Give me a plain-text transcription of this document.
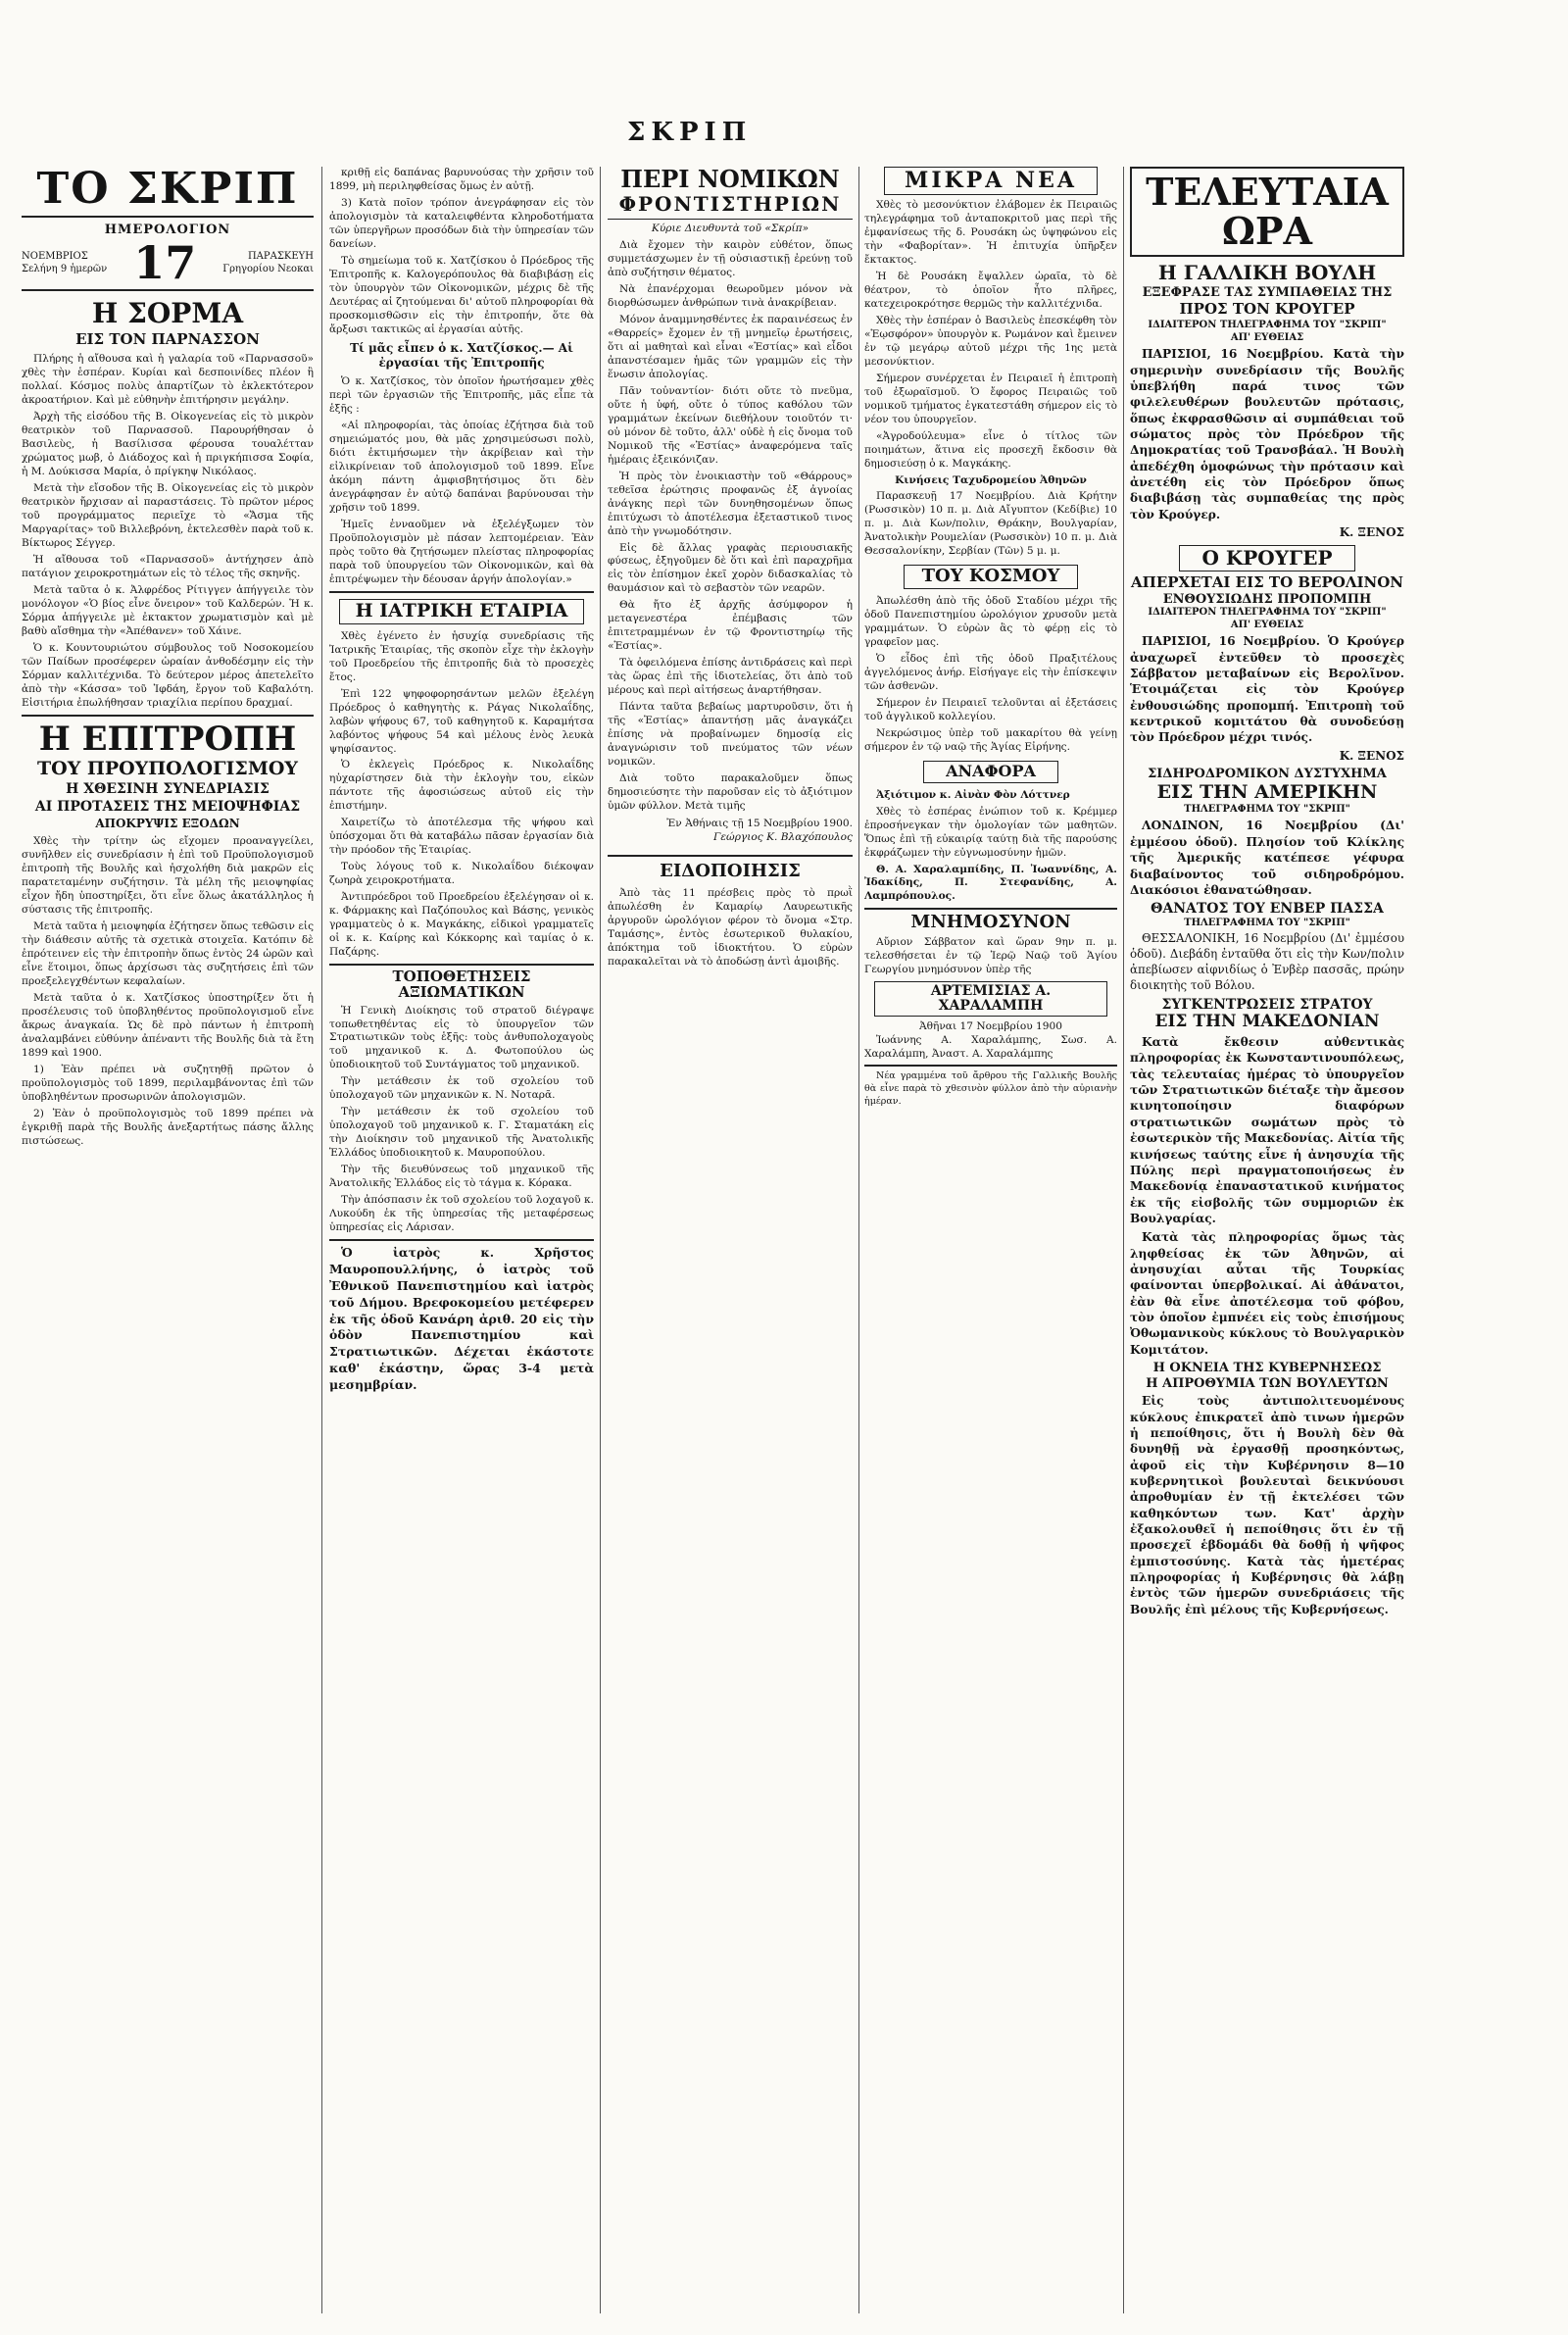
ΣΚΡΙΠ
ΤΟ ΣΚΡΙΠ
ΗΜΕΡΟΛΟΓΙΟΝ
ΝΟΕΜΒΡΙΟΣ
Σελήνη 9 ἡμερῶν 17	ΠΑΡΑΣΚΕΥΗ
Γρηγορίου Νεοκαι
Η ΣΟΡΜΑ
ΕΙΣ ΤΟΝ ΠΑΡΝΑΣΣΟΝ

Πλήρης ἡ αἴθουσα καὶ ἡ γαλαρία τοῦ «Παρνασσοῦ» χθὲς τὴν ἑσπέραν. Κυρίαι καὶ δεσποινίδες πλέον ἢ πολλαί. Κόσμος πολὺς ἀπαρτίζων τὸ ἐκλεκτότερον ἀκροατήριον. Καὶ μὲ εὐθηνὴν ἐπιτήρησιν μεγάλην.

Ἀρχὴ τῆς εἰσόδου τῆς Β. Οἰκογενείας εἰς τὸ μικρὸν θεατρικὸν τοῦ Παρνασσοῦ. Παρουρήθησαν ὁ Βασιλεὺς, ἡ Βασίλισσα φέρουσα τουαλέτταν χρώματος μωβ, ὁ Διάδοχος καὶ ἡ πριγκήπισσα Σοφία, ἡ Μ. Δούκισσα Μαρία, ὁ πρίγκηψ Νικόλαος.

Μετὰ τὴν εἴσοδον τῆς Β. Οἰκογενείας εἰς τὸ μικρὸν θεατρικὸν ἤρχισαν αἱ παραστάσεις. Τὸ πρῶτον μέρος τοῦ προγράμματος περιεῖχε τὸ «Ἄσμα τῆς Μαργαρίτας» τοῦ Βιλλεβρόνη, ἐκτελεσθὲν παρὰ τοῦ κ. Βίκτωρος Σέγγερ.

Ἡ αἴθουσα τοῦ «Παρνασσοῦ» ἀντήχησεν ἀπὸ πατάγιον χειροκροτημάτων εἰς τὸ τέλος τῆς σκηνῆς.

Μετὰ ταῦτα ὁ κ. Ἀλφρέδος Ρίτιγγεν ἀπήγγειλε τὸν μονόλογον «Ὁ βίος εἶνε ὄνειρον» τοῦ Καλδερών. Ἡ κ. Σόρμα ἀπήγγειλε μὲ ἐκτακτον χρωματισμὸν καὶ μὲ βαθὺ αἴσθημα τὴν «Ἀπέθανεν» τοῦ Χάινε.

Ὁ κ. Κουντουριώτου σύμβουλος τοῦ Νοσοκομείου τῶν Παίδων προσέφερεν ὡραίαν ἀνθοδέσμην εἰς τὴν Σόρμαν καλλιτέχνιδα. Τὸ δεύτερον μέρος ἀπετελεῖτο ἀπὸ τὴν «Κάσσα» τοῦ Ἰφδάη, ἔργον τοῦ Καβαλότη. Εἰσιτήρια ἐπωλήθησαν τριαχίλια περίπου δραχμαί.

Η ΕΠΙΤΡΟΠΗ
ΤΟΥ ΠΡΟΥΠΟΛΟΓΙΣΜΟΥ
Η ΧΘΕΣΙΝΗ ΣΥΝΕΔΡΙΑΣΙΣ
ΑΙ ΠΡΟΤΑΣΕΙΣ ΤΗΣ ΜΕΙΟΨΗΦΙΑΣ
ΑΠΟΚΡΥΨΙΣ ΕΞΟΔΩΝ

Χθὲς τὴν τρίτην ὡς εἴχομεν προαναγγείλει, συνῆλθεν εἰς συνεδρίασιν ἡ ἐπὶ τοῦ Προϋπολογισμοῦ ἐπιτροπὴ τῆς Βουλῆς καὶ ἠσχολήθη διὰ μακρῶν εἰς παρατεταμένην συζήτησιν. Τὰ μέλη τῆς μειοψηφίας εἶχον ἤδη ὑποστηρίξει, ὅτι εἶνε ὅλως ἀκατάλληλος ἡ σύστασις τῆς ἐπιτροπῆς.

Μετὰ ταῦτα ἡ μειοψηφία ἐζήτησεν ὅπως τεθῶσιν εἰς τὴν διάθεσιν αὐτῆς τὰ σχετικὰ στοιχεῖα. Κατόπιν δὲ ἐπρότεινεν εἰς τὴν ἐπιτροπὴν ὅπως ἐντὸς 24 ὡρῶν καὶ εἶνε ἕτοιμοι, ὅπως ἀρχίσωσι τὰς συζητήσεις ἐπὶ τῶν προεξελεγχθέντων κεφαλαίων.

Μετὰ ταῦτα ὁ κ. Χατζίσκος ὑποστηρίξεν ὅτι ἡ προσέλευσις τοῦ ὑποβληθέντος προϋπολογισμοῦ εἶνε ἄκρως ἀναγκαία. Ὡς δὲ πρὸ πάντων ἡ ἐπιτροπὴ ἀναλαμβάνει εὐθύνην ἀπέναντι τῆς Βουλῆς διὰ τὰ ἔτη 1899 καὶ 1900.

1) Ἐὰν πρέπει νὰ συζητηθῇ πρῶτον ὁ προϋπολογισμὸς τοῦ 1899, περιλαμβάνοντας ἐπὶ τῶν ὑποβληθέντων προσωρινῶν ἀπολογισμῶν.

2) Ἐὰν ὁ προϋπολογισμὸς τοῦ 1899 πρέπει νὰ ἐγκριθῇ παρὰ τῆς Βουλῆς ἀνεξαρτήτως πάσης ἄλλης πιστώσεως.

κριθῇ εἰς δαπάνας βαρυνούσας τὴν χρῆσιν τοῦ 1899, μὴ περιληφθείσας ὅμως ἐν αὐτῇ.

3) Κατὰ ποῖον τρόπον ἀνεγράφησαν εἰς τὸν ἀπολογισμὸν τὰ καταλειφθέντα κληροδοτήματα τῶν ὑπεργῆρων προσόδων διὰ τὴν ὑπηρεσίαν τῶν δανείων.

Τὸ σημείωμα τοῦ κ. Χατζίσκου ὁ Πρόεδρος τῆς Ἐπιτροπῆς κ. Καλογερόπουλος θὰ διαβιβάσῃ εἰς τὸν ὑπουργὸν τῶν Οἰκονομικῶν, μέχρις δὲ τῆς Δευτέρας αἱ ζητούμεναι δι' αὐτοῦ πληροφορίαι θὰ προσκομισθῶσιν εἰς τὴν ἐπιτροπήν, ὅτε θὰ ἄρξωσι τακτικῶς αἱ ἐργασίαι αὐτῆς.

Τί μᾶς εἶπεν ὁ κ. Χατζίσκος.— Αἱ ἐργασίαι τῆς Ἐπιτροπῆς

Ὁ κ. Χατζίσκος, τὸν ὁποῖον ἠρωτήσαμεν χθὲς περὶ τῶν ἐργασιῶν τῆς Ἐπιτροπῆς, μᾶς εἶπε τὰ ἑξῆς :

«Αἱ πληροφορίαι, τὰς ὁποίας ἐζήτησα διὰ τοῦ σημειώματός μου, θὰ μᾶς χρησιμεύσωσι πολὺ, διότι ἐκτιμήσωμεν τὴν ἀκρίβειαν καὶ τὴν εἰλικρίνειαν τοῦ ἀπολογισμοῦ τοῦ 1899. Εἶνε ἀκόμη πάντη ἀμφισβητήσιμος ὅτι δὲν ἀνεγράφησαν ἐν αὐτῷ δαπάναι βαρύνουσαι τὴν χρῆσιν τοῦ 1899.

Ἡμεῖς ἐνναοῦμεν νὰ ἐξελέγξωμεν τὸν Προϋπολογισμὸν μὲ πάσαν λεπτομέρειαν. Ἐὰν πρὸς τοῦτο θὰ ζητήσωμεν πλείστας πληροφορίας παρὰ τοῦ ὑπουργείου τῶν Οἰκονομικῶν, καὶ θὰ ἐπιτρέψωμεν τὴν δέουσαν ἀργήν ἀπολογίαν.»

Η ΙΑΤΡΙΚΗ ΕΤΑΙΡΙΑ

Χθὲς ἐγένετο ἐν ἡσυχίᾳ συνεδρίασις τῆς Ἰατρικῆς Ἑταιρίας, τῆς σκοπὸν εἶχε τὴν ἐκλογὴν τοῦ Προεδρείου τῆς ἐπιτροπῆς διὰ τὸ προσεχὲς ἔτος.

Ἐπὶ 122 ψηφοφορησάντων μελῶν ἐξελέγη Πρόεδρος ὁ καθηγητὴς κ. Ράγας Νικολαΐδης, λαβὼν ψήφους 67, τοῦ καθηγητοῦ κ. Καραμήτσα λαβόντος ψήφους 54 καὶ μέλους ἐνὸς λευκὰ ψηφίσαντος.

Ὁ ἐκλεγεὶς Πρόεδρος κ. Νικολαΐδης ηὐχαρίστησεν διὰ τὴν ἐκλογὴν του, εἰκὼν πάντοτε τῆς ἀφοσιώσεως αὐτοῦ εἰς τὴν ἐπιστήμην.

Χαιρετίζω τὸ ἀποτέλεσμα τῆς ψήφου καὶ ὑπόσχομαι ὅτι θὰ καταβάλω πᾶσαν ἐργασίαν διὰ τὴν πρόοδον τῆς Ἑταιρίας.

Τοὺς λόγους τοῦ κ. Νικολαΐδου διέκοψαν ζωηρὰ χειροκροτήματα.

Ἀντιπρόεδροι τοῦ Προεδρείου ἐξελέγησαν οἱ κ. κ. Φάρμακης καὶ Παζόπουλος καὶ Βάσης, γενικὸς γραμματεὺς ὁ κ. Μαγκάκης, εἰδικοὶ γραμματεῖς οἱ κ. κ. Καίρης καὶ Κόκκορης καὶ ταμίας ὁ κ. Παζάρης.

ΤΟΠΟΘΕΤΗΣΕΙΣ ΑΞΙΩΜΑΤΙΚΩΝ

Ἡ Γενικὴ Διοίκησις τοῦ στρατοῦ διέγραψε τοπωθετηθέντας εἰς τὸ ὑπουργεῖον τῶν Στρατιωτικῶν τοὺς ἑξῆς: τοὺς ἀνθυπολοχαγοὺς τοῦ μηχανικοῦ κ. Δ. Φωτοπούλου ὡς ὑποδιοικητοῦ τοῦ Συντάγματος τοῦ μηχανικοῦ.

Τὴν μετάθεσιν ἐκ τοῦ σχολείου τοῦ ὑπολοχαγοῦ τῶν μηχανικῶν κ. Ν. Νοταρᾶ.

Τὴν μετάθεσιν ἐκ τοῦ σχολείου τοῦ ὑπολοχαγοῦ τοῦ μηχανικοῦ κ. Γ. Σταματάκη εἰς τὴν Διοίκησιν τοῦ μηχανικοῦ τῆς Ἀνατολικῆς Ἑλλάδος ὑποδιοικητοῦ κ. Μαυροπούλου.

Τὴν τῆς διευθύνσεως τοῦ μηχανικοῦ τῆς Ἀνατολικῆς Ἑλλάδος εἰς τὸ τάγμα κ. Κόρακα.

Τὴν ἀπόσπασιν ἐκ τοῦ σχολείου τοῦ λοχαγοῦ κ. Λυκούδη ἐκ τῆς ὑπηρεσίας τῆς μεταφέρσεως ὑπηρεσίας εἰς Λάρισαν.

Ὁ ἰατρὸς κ. Χρῆστος Μαυροπουλλήνης, ὁ ἰατρὸς τοῦ Ἐθνικοῦ Πανεπιστημίου καὶ ἰατρὸς τοῦ Δήμου. Βρεφοκομείου μετέφερεν ἐκ τῆς ὁδοῦ Κανάρη ἀριθ. 20 εἰς τὴν ὁδὸν Πανεπιστημίου καὶ Στρατιωτικῶν. Δέχεται ἑκάστοτε καθ' ἑκάστην, ὥρας 3-4 μετὰ μεσημβρίαν.

ΠΕΡΙ ΝΟΜΙΚΩΝ
ΦΡΟΝΤΙΣΤΗΡΙΩΝ
Κύριε Διευθυντὰ τοῦ «Σκρίπ»

Διὰ ἔχομεν τὴν καιρὸν εὐθέτον, ὅπως συμμετάσχωμεν ἐν τῇ οὐσιαστικῇ ἐρεύνῃ τοῦ ἀπὸ συζήτησιν θέματος.

Νὰ ἐπανέρχομαι θεωροῦμεν μόνον νὰ διορθώσωμεν ἀνθρώπων τινὰ ἀνακρίβειαν.

Μόνον ἀναμμνησθέντες ἐκ παραινέσεως ἐν «Θαρρείς» ἔχομεν ἐν τῇ μνημεῖῳ ἐρωτήσεις, ὅτι αἱ μαθηταὶ καὶ εἶναι «Ἑστίας» καὶ εἶδοι ἀπανστέσαμεν ἡμᾶς τῶν γραμμῶν εἰς τὴν ἕνωσιν ἀπολογίας.

Πᾶν τοὐναντίον· διότι οὔτε τὸ πνεῦμα, οὔτε ἡ ὑφή, οὔτε ὁ τύπος καθόλου τῶν γραμμάτων ἐκείνων διεθήλουν τοιοῦτόν τι· οὐ μόνον δὲ τοῦτο, ἀλλ' οὐδὲ ἡ εἰς ὄνομα τοῦ Νομικοῦ τῆς «Ἑστίας» ἀναφερόμενα ταῖς ἡμέραις ἐξεικόνιζαν.

Ἡ πρὸς τὸν ἐνοικιαστὴν τοῦ «Θάρρους» τεθεῖσα ἐρώτησις προφανῶς ἐξ ἀγνοίας ἀνάγκης περὶ τῶν δυνηθησομένων ὅπως ἐπιτύχωσι τὸ ἀποτέλεσμα ἐξεταστικοῦ τινος ἀπὸ τὴν γνωμοδότησιν.

Εἰς δὲ ἄλλας γραφὰς περιουσιακῆς φύσεως, ἐξηγοῦμεν δὲ ὅτι καὶ ἐπὶ παραχρῆμα εἰς τὸν ἐπίσημον ἐκεῖ χορὸν διδασκαλίας τὸ θαυμάσιον καὶ τὸ σεβαστὸν τῶν νεαρῶν.

Θὰ ἤτο ἐξ ἀρχῆς ἀσύμφορον ἡ μεταγενεστέρα ἐπέμβασις τῶν ἐπιτετραμμένων ἐν τῷ Φροντιστηρίῳ τῆς «Ἑστίας».

Τὰ ὀφειλόμενα ἐπίσης ἀντιδράσεις καὶ περὶ τὰς ὥρας ἐπὶ τῆς ἰδιοτελείας, ὅτι ἀπὸ τοῦ μέρους καὶ περὶ αἰτήσεως ἀναρτήθησαν.

Πάντα ταῦτα βεβαίως μαρτυροῦσιν, ὅτι ἡ τῆς «Ἑστίας» ἀπαντήσῃ μᾶς ἀναγκάζει ἐπίσης νὰ προβαίνωμεν δημοσίᾳ εἰς ἀναγνώρισιν τοῦ πνεύματος τῶν νέων νομικῶν.

Διὰ τοῦτο παρακαλοῦμεν ὅπως δημοσιεύσητε τὴν παροῦσαν εἰς τὸ ἀξιότιμον ὑμῶν φύλλον. Μετὰ τιμῆς

Ἐν Ἀθήναις τῇ 15 Νοεμβρίου 1900.
Γεώργιος Κ. Βλαχόπουλος
ΕΙΔΟΠΟΙΗΣΙΣ

Ἀπὸ τὰς 11 πρέσβεις πρὸς τὸ πρωῒ ἀπωλέσθη ἐν Καμαρίῳ Λαυρεωτικῆς ἀργυροῦν ὡρολόγιον φέρον τὸ ὄνομα «Στρ. Ταμάσης», ἐντὸς ἐσωτερικοῦ θυλακίου, ἀπόκτημα τοῦ ἰδιοκτήτου. Ὁ εὑρὼν παρακαλεῖται νὰ τὸ ἀποδώσῃ ἀντὶ ἀμοιβῆς.

ΜΙΚΡΑ ΝΕΑ

Χθὲς τὸ μεσονύκτιον ἐλάβομεν ἐκ Πειραιῶς τηλεγράφημα τοῦ ἀνταποκριτοῦ μας περὶ τῆς ἐμφανίσεως τῆς δ. Ρουσάκη ὡς ὑψηφώνου εἰς τὴν «Φαβορίταν». Ἡ ἐπιτυχία ὑπῆρξεν ἔκτακτος.

Ἡ δὲ Ρουσάκη ἔψαλλεν ὡραῖα, τὸ δὲ θέατρον, τὸ ὁποῖον ἦτο πλῆρες, κατεχειροκρότησε θερμῶς τὴν καλλιτέχνιδα.

Χθὲς τὴν ἑσπέραν ὁ Βασιλεὺς ἐπεσκέφθη τὸν «Ἑῳσφόρον» ὑπουργὸν κ. Ρωμάνον καὶ ἔμεινεν ἐν τῷ μεγάρῳ αὐτοῦ μέχρι τῆς 1ης μετὰ μεσονύκτιον.

Σήμερον συνέρχεται ἐν Πειραιεῖ ἡ ἐπιτροπὴ τοῦ ἐξωραϊσμοῦ. Ὁ ἔφορος Πειραιῶς τοῦ νομικοῦ τμήματος ἐγκατεστάθη σήμερον εἰς τὸ νέον του ὑπουργεῖον.

«Ἀγροδούλευμα» εἶνε ὁ τίτλος τῶν ποιημάτων, ἅτινα εἰς προσεχῆ ἔκδοσιν θὰ δημοσιεύσῃ ὁ κ. Μαγκάκης.

Κινήσεις Ταχυδρομείου Ἀθηνῶν

Παρασκευῇ 17 Νοεμβρίου. Διὰ Κρήτην (Ρωσσικὸν) 10 π. μ. Διὰ Αἴγυπτον (Κεδίβιε) 10 π. μ. Διὰ Κων/πολιν, Θράκην, Βουλγαρίαν, Ἀνατολικὴν Ρουμελίαν (Ρωσσικὸν) 10 π. μ. Διὰ Θεσσαλονίκην, Σερβίαν (Τῶν) 5 μ. μ.

ΤΟΥ ΚΟΣΜΟΥ

Ἀπωλέσθη ἀπὸ τῆς ὁδοῦ Σταδίου μέχρι τῆς ὁδοῦ Πανεπιστημίου ὡρολόγιον χρυσοῦν μετὰ γραμμάτων. Ὁ εὑρὼν ἂς τὸ φέρῃ εἰς τὸ γραφεῖον μας.

Ὁ εἶδος ἐπὶ τῆς ὁδοῦ Πραξιτέλους ἀγγελόμενος ἀνήρ. Εἰσήγαγε εἰς τὴν ἐπίσκεψιν τῶν ἀσθενῶν.

Σήμερον ἐν Πειραιεῖ τελοῦνται αἱ ἐξετάσεις τοῦ ἀγγλικοῦ κολλεγίου.

Νεκρώσιμος ὑπὲρ τοῦ μακαρίτου θὰ γείνῃ σήμερον ἐν τῷ ναῷ τῆς Ἁγίας Εἰρήνης.

ΑΝΑΦΟΡΑ

Ἀξιότιμον κ. Αἰνὰν Φὸν Λόττνερ

Χθὲς τὸ ἑσπέρας ἐνώπιον τοῦ κ. Κρέμμερ ἐπροσήνεγκαν τὴν ὁμολογίαν τῶν μαθητῶν. Ὅπως ἐπὶ τῇ εὐκαιρίᾳ ταύτῃ διὰ τῆς παρούσης ἐκφράζωμεν τὴν εὐγνωμοσύνην ἡμῶν.

Θ. Α. Χαραλαμπίδης, Π. Ἰωαννίδης, Α. Ἰδακίδης, Π. Στεφανίδης, Α. Λαμπρόπουλος.

ΜΝΗΜΟΣΥΝΟΝ

Αὔριον Σάββατον καὶ ὥραν 9ην π. μ. τελεσθήσεται ἐν τῷ Ἱερῷ Ναῷ τοῦ Ἁγίου Γεωργίου μνημόσυνον ὑπὲρ τῆς

ΑΡΤΕΜΙΣΙΑΣ Α. ΧΑΡΑΛΑΜΠΗ
Ἀθῆναι 17 Νοεμβρίου 1900

Ἰωάννης Α. Χαραλάμπης, Σωσ. Α. Χαραλάμπη, Ἀναστ. Α. Χαραλάμπης

Νέα γραμμένα τοῦ ἄρθρου τῆς Γαλλικῆς Βουλῆς θὰ εἶνε παρὰ τὸ χθεσινὸν φύλλον ἀπὸ τὴν αὐριανὴν ἡμέραν.

ΤΕΛΕΥΤΑΙΑ ΩΡΑ
Η ΓΑΛΛΙΚΗ ΒΟΥΛΗ
ΕΞΕΦΡΑΣΕ ΤΑΣ ΣΥΜΠΑΘΕΙΑΣ ΤΗΣ
ΠΡΟΣ ΤΟΝ ΚΡΟΥΓΕΡ
ΙΔΙΑΙΤΕΡΟΝ ΤΗΛΕΓΡΑΦΗΜΑ ΤΟΥ "ΣΚΡΙΠ"
ΑΠ' ΕΥΘΕΙΑΣ

ΠΑΡΙΣΙΟΙ, 16 Νοεμβρίου. Κατὰ τὴν σημερινὴν συνεδρίασιν τῆς Βουλῆς ὑπεβλήθη παρά τινος τῶν φιλελευθέρων βουλευτῶν πρότασις, ὅπως ἐκφρασθῶσιν αἱ συμπάθειαι τοῦ σώματος πρὸς τὸν Πρόεδρον τῆς Δημοκρατίας τοῦ Τρανσβάαλ. Ἡ Βουλὴ ἀπεδέχθη ὁμοφώνως τὴν πρότασιν καὶ ἀνετέθη εἰς τὸν Πρόεδρον ὅπως διαβιβάσῃ τὰς συμπαθείας της πρὸς τὸν Κρούγερ.

Κ. ΞΕΝΟΣ
Ο ΚΡΟΥΓΕΡ
ΑΠΕΡΧΕΤΑΙ ΕΙΣ ΤΟ ΒΕΡΟΛΙΝΟΝ
ΕΝΘΟΥΣΙΩΔΗΣ ΠΡΟΠΟΜΠΗ
ΙΔΙΑΙΤΕΡΟΝ ΤΗΛΕΓΡΑΦΗΜΑ ΤΟΥ "ΣΚΡΙΠ"
ΑΠ' ΕΥΘΕΙΑΣ

ΠΑΡΙΣΙΟΙ, 16 Νοεμβρίου. Ὁ Κρούγερ ἀναχωρεῖ ἐντεῦθεν τὸ προσεχὲς Σάββατον μεταβαίνων εἰς Βερολῖνον. Ἑτοιμάζεται εἰς τὸν Κρούγερ ἐνθουσιώδης προπομπή. Ἐπιτροπὴ τοῦ κεντρικοῦ κομιτάτου θὰ συνοδεύσῃ τὸν Πρόεδρον μέχρι τινός.

Κ. ΞΕΝΟΣ
ΣΙΔΗΡΟΔΡΟΜΙΚΟΝ ΔΥΣΤΥΧΗΜΑ
ΕΙΣ ΤΗΝ ΑΜΕΡΙΚΗΝ
ΤΗΛΕΓΡΑΦΗΜΑ ΤΟΥ "ΣΚΡΙΠ"

ΛΟΝΔΙΝΟΝ, 16 Νοεμβρίου (Δι' ἐμμέσου ὁδοῦ). Πλησίον τοῦ Κλίκλης τῆς Ἀμερικῆς κατέπεσε γέφυρα διαβαίνοντος τοῦ σιδηροδρόμου. Διακόσιοι ἐθανατώθησαν.

ΘΑΝΑΤΟΣ ΤΟΥ ΕΝΒΕΡ ΠΑΣΣΑ
ΤΗΛΕΓΡΑΦΗΜΑ ΤΟΥ "ΣΚΡΙΠ"

ΘΕΣΣΑΛΟΝΙΚΗ, 16 Νοεμβρίου (Δι' ἐμμέσου ὁδοῦ). Διεβάδη ἐνταῦθα ὅτι εἰς τὴν Κων/πολιν ἀπεβίωσεν αἰφνιδίως ὁ Ἐνβὲρ πασσᾶς, πρώην διοικητὴς τοῦ Βόλου.

ΣΥΓΚΕΝΤΡΩΣΕΙΣ ΣΤΡΑΤΟΥ
ΕΙΣ ΤΗΝ ΜΑΚΕΔΟΝΙΑΝ

Κατὰ ἔκθεσιν αὐθεντικὰς πληροφορίας ἐκ Κωνσταντινουπόλεως, τὰς τελευταίας ἡμέρας τὸ ὑπουργεῖον τῶν Στρατιωτικῶν διέταξε τὴν ἄμεσον κινητοποίησιν διαφόρων στρατιωτικῶν σωμάτων πρὸς τὸ ἐσωτερικὸν τῆς Μακεδονίας. Αἰτία τῆς κινήσεως ταύτης εἶνε ἡ ἀνησυχία τῆς Πύλης περὶ πραγματοποιήσεως ἐν Μακεδονίᾳ ἐπαναστατικοῦ κινήματος ἐκ τῆς εἰσβολῆς τῶν συμμοριῶν ἐκ Βουλγαρίας.

Κατὰ τὰς πληροφορίας ὅμως τὰς ληφθείσας ἐκ τῶν Ἀθηνῶν, αἱ ἀνησυχίαι αὗται τῆς Τουρκίας φαίνονται ὑπερβολικαί. Αἱ ἀθάνατοι, ἐὰν θὰ εἶνε ἀποτέλεσμα τοῦ φόβου, τὸν ὁποῖον ἐμπνέει εἰς τοὺς ἐπισήμους Ὀθωμανικοὺς κύκλους τὸ Βουλγαρικὸν Κομιτάτον.

Η ΟΚΝΕΙΑ ΤΗΣ ΚΥΒΕΡΝΗΣΕΩΣ
Η ΑΠΡΟΘΥΜΙΑ ΤΩΝ ΒΟΥΛΕΥΤΩΝ

Εἰς τοὺς ἀντιπολιτευομένους κύκλους ἐπικρατεῖ ἀπὸ τινων ἡμερῶν ἡ πεποίθησις, ὅτι ἡ Βουλὴ δὲν θὰ δυνηθῇ νὰ ἐργασθῇ προσηκόντως, ἀφοῦ εἰς τὴν Κυβέρνησιν 8—10 κυβερνητικοὶ βουλευταὶ δεικνύουσι ἀπροθυμίαν ἐν τῇ ἐκτελέσει τῶν καθηκόντων των. Κατ' ἀρχὴν ἐξακολουθεῖ ἡ πεποίθησις ὅτι ἐν τῇ προσεχεῖ ἑβδομάδι θὰ δοθῇ ἡ ψῆφος ἐμπιστοσύνης. Κατὰ τὰς ἡμετέρας πληροφορίας ἡ Κυβέρνησις θὰ λάβῃ ἐντὸς τῶν ἡμερῶν συνεδριάσεις τῆς Βουλῆς ἐπὶ μέλους τῆς Κυβερνήσεως.
